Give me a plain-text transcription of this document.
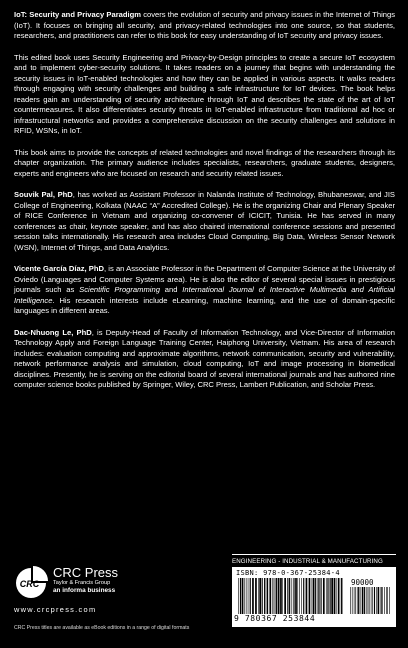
IoT: Security and Privacy Paradigm covers the evolution of security and privacy issues in the Internet of Things (IoT). It focuses on bringing all security, and privacy-related technologies into one source, so that students, researchers, and practitioners can refer to this book for easy understanding of IoT security and privacy issues.

This edited book uses Security Engineering and Privacy-by-Design principles to create a secure IoT ecosystem and to implement cyber-security solutions. It takes readers on a journey that begins with understanding the security issues in IoT-enabled technologies and how they can be applied in various aspects. It walks readers through engaging with security challenges and building a safe infrastructure for IoT devices. The book helps readers gain an understanding of security architecture through IoT and describes the state of the art of IoT countermeasures. It also differentiates security threats in IoT-enabled infrastructure from traditional ad hoc or infrastructural networks and provides a comprehensive discussion on the security challenges and solutions in RFID, WSNs, in IoT.

This book aims to provide the concepts of related technologies and novel findings of the researchers through its chapter organization. The primary audience includes specialists, researchers, graduate students, designers, experts and engineers who are focused on research and security related issues.

Souvik Pal, PhD, has worked as Assistant Professor in Nalanda Institute of Technology, Bhubaneswar, and JIS College of Engineering, Kolkata (NAAC “A” Accredited College). He is the organizing Chair and Plenary Speaker of RICE Conference in Vietnam and organizing co-convener of ICICIT, Tunisia. He has served in many conferences as chair, keynote speaker, and has also chaired international conference sessions and presented session talks internationally. His research area includes Cloud Computing, Big Data, Wireless Sensor Network (WSN), Internet of Things, and Data Analytics.

Vicente García Díaz, PhD, is an Associate Professor in the Department of Computer Science at the University of Oviedo (Languages and Computer Systems area). He is also the editor of several special issues in prestigious journals such as Scientific Programming and International Journal of Interactive Multimedia and Artificial Intelligence. His research interests include eLearning, machine learning, and the use of domain-specific languages in different areas.

Dac-Nhuong Le, PhD, is Deputy-Head of Faculty of Information Technology, and Vice-Director of Information Technology Apply and Foreign Language Training Center, Haiphong University, Vietnam. His area of research includes: evaluation computing and approximate algorithms, network communication, security and vulnerability, network performance analysis and simulation, cloud computing, IoT and image processing in biomedical disciplines. Presently, he is serving on the editorial board of several international journals and has authored nine computer science books published by Springer, Wiley, CRC Press, Lambert Publication, and Scholar Press.

ENGINEERING - INDUSTRIAL & MANUFACTURING
ISBN: 978-0-367-25384-4
90000
9 780367 253844
CRC
CRC Press
Taylor & Francis Group
an informa business
www.crcpress.com
CRC Press titles are available as eBook editions in a range of digital formats
